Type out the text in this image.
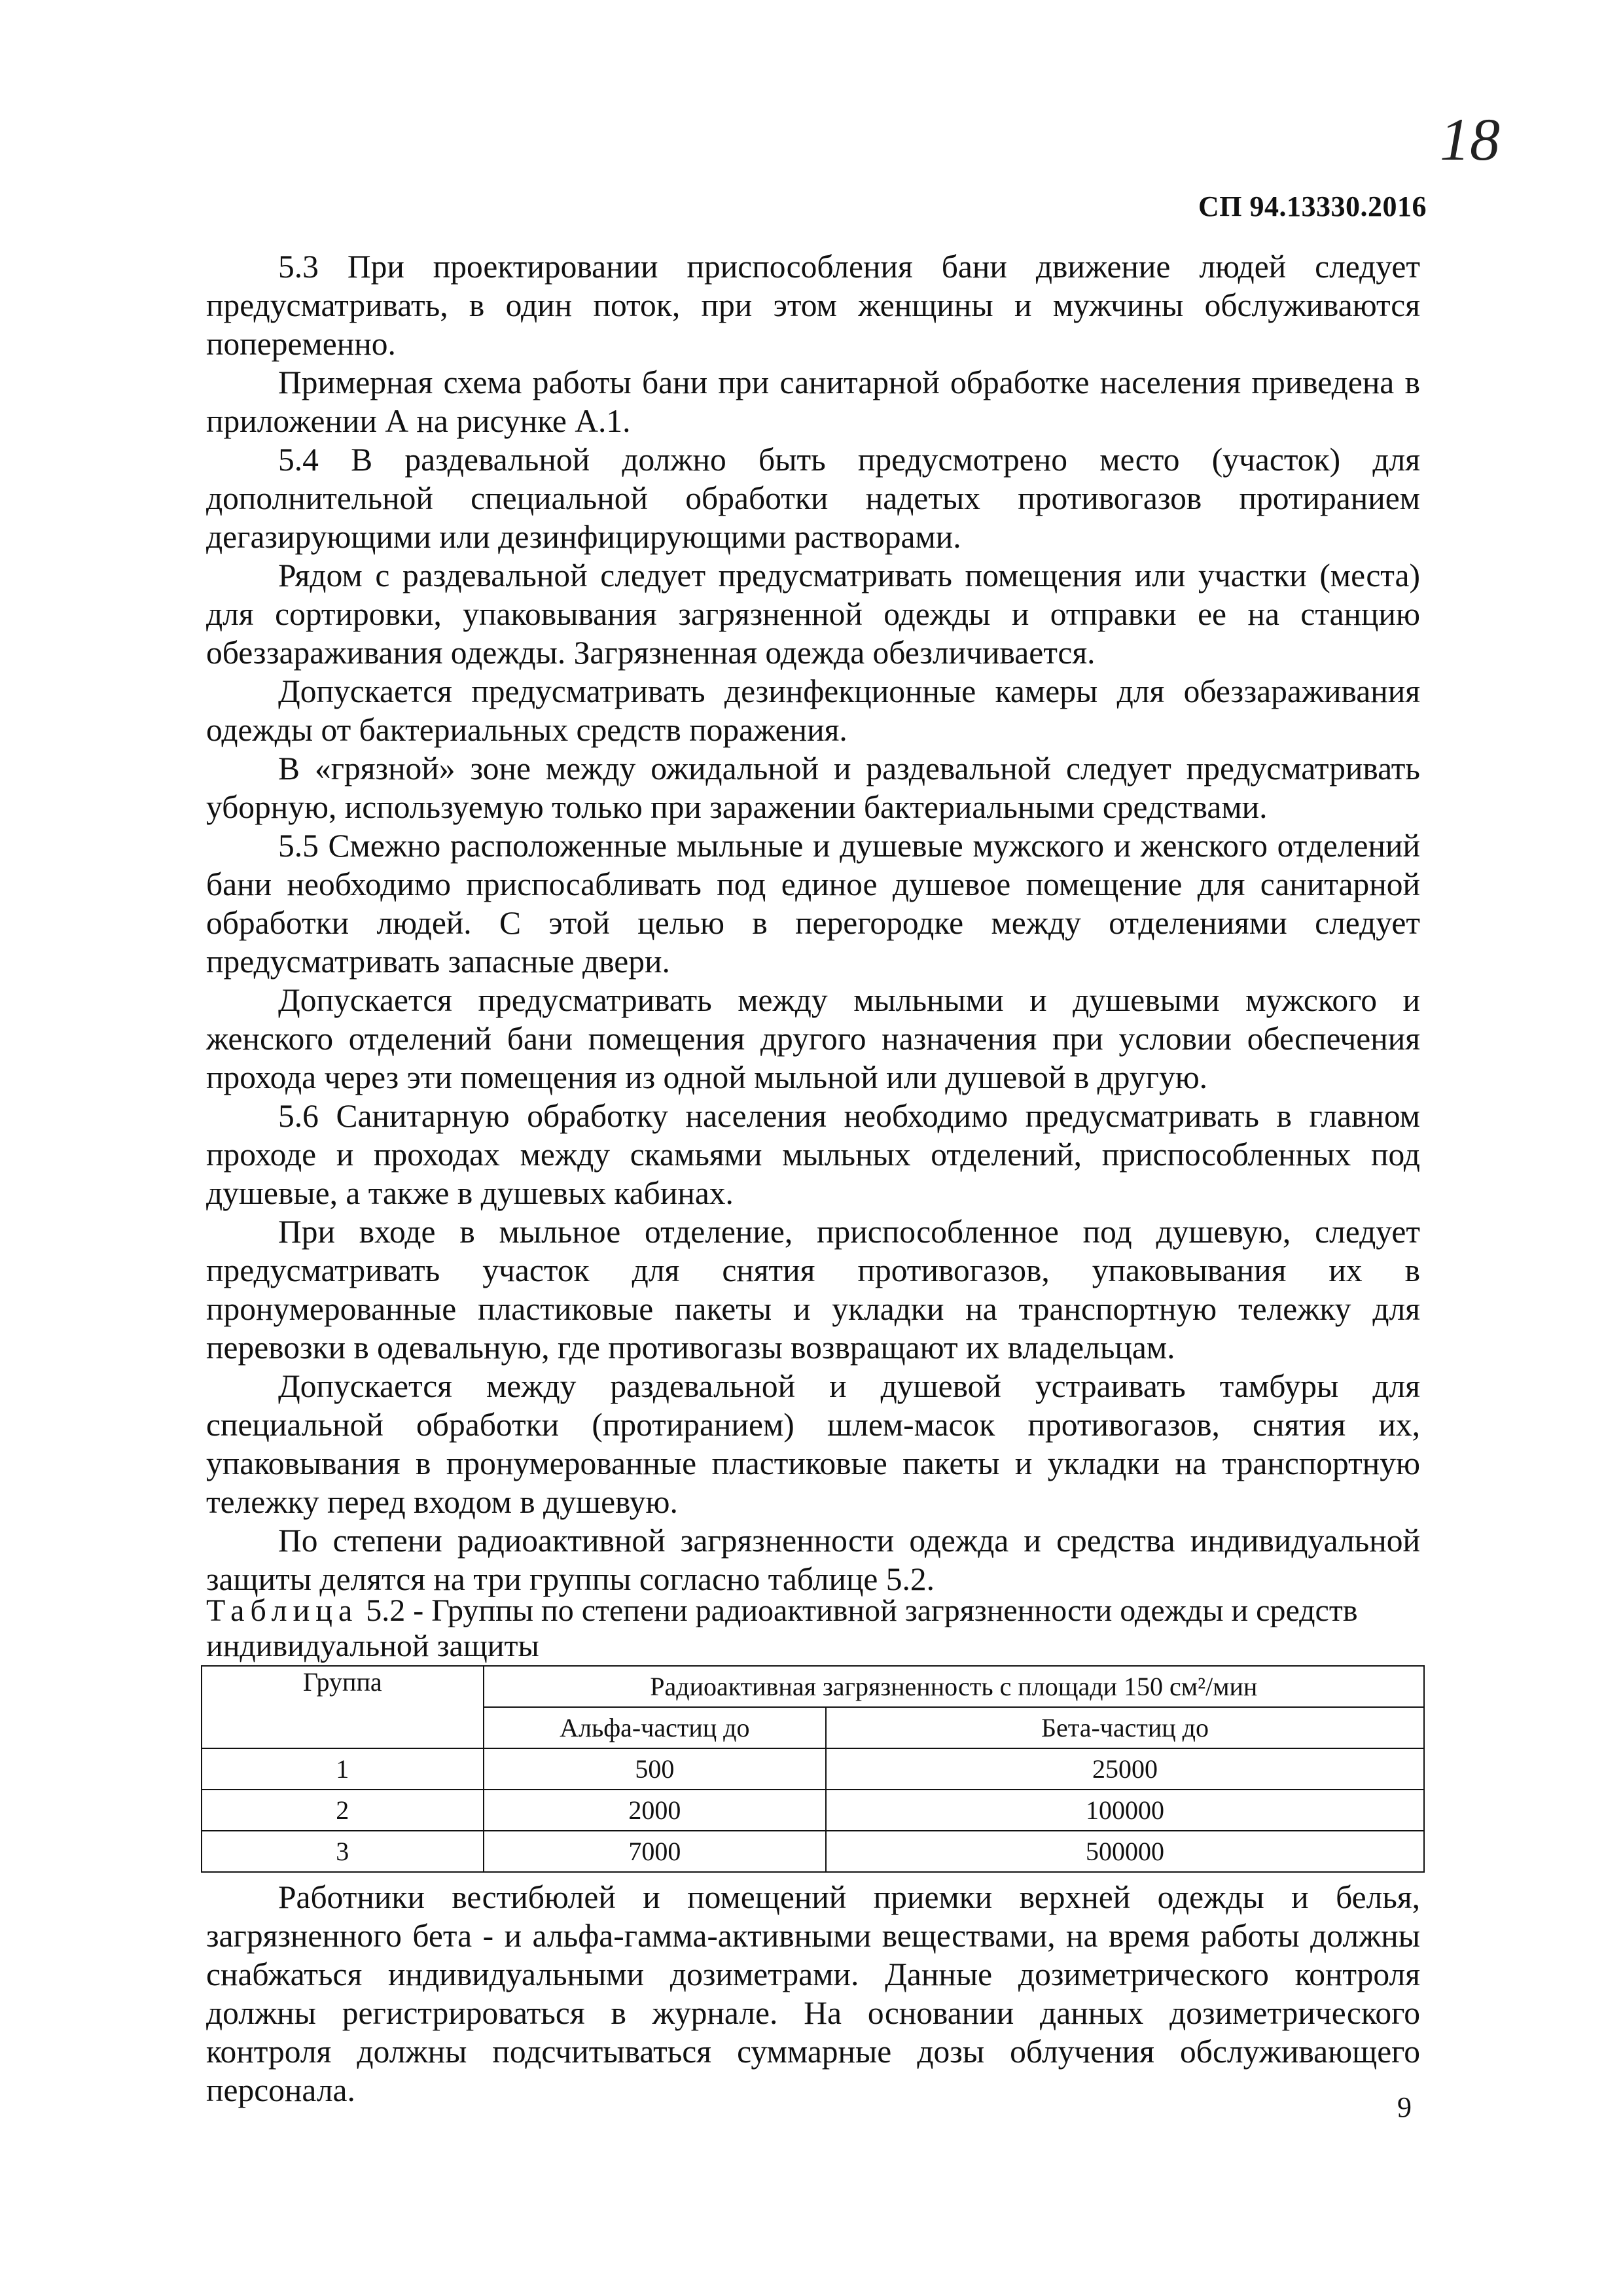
18
СП 94.13330.2016

5.3 При проектировании приспособления бани движение людей следует предусматривать, в один поток, при этом женщины и мужчины обслуживаются попеременно.

Примерная схема работы бани при санитарной обработке населения приведена в приложении А на рисунке А.1.

5.4 В раздевальной должно быть предусмотрено место (участок) для дополнительной специальной обработки надетых противогазов протиранием дегазирующими или дезинфицирующими растворами.

Рядом с раздевальной следует предусматривать помещения или участки (места) для сортировки, упаковывания загрязненной одежды и отправки ее на станцию обеззараживания одежды. Загрязненная одежда обезличивается.

Допускается предусматривать дезинфекционные камеры для обеззараживания одежды от бактериальных средств поражения.

В «грязной» зоне между ожидальной и раздевальной следует предусматривать уборную, используемую только при заражении бактериальными средствами.

5.5 Смежно расположенные мыльные и душевые мужского и женского отделений бани необходимо приспосабливать под единое душевое помещение для санитарной обработки людей. С этой целью в перегородке между отделениями следует предусматривать запасные двери.

Допускается предусматривать между мыльными и душевыми мужского и женского отделений бани помещения другого назначения при условии обеспечения прохода через эти помещения из одной мыльной или душевой в другую.

5.6 Санитарную обработку населения необходимо предусматривать в главном проходе и проходах между скамьями мыльных отделений, приспособленных под душевые, а также в душевых кабинах.

При входе в мыльное отделение, приспособленное под душевую, следует предусматривать участок для снятия противогазов, упаковывания их в пронумерованные пластиковые пакеты и укладки на транспортную тележку для перевозки в одевальную, где противогазы возвращают их владельцам.

Допускается между раздевальной и душевой устраивать тамбуры для специальной обработки (протиранием) шлем-масок противогазов, снятия их, упаковывания в пронумерованные пластиковые пакеты и укладки на транспортную тележку перед входом в душевую.

По степени радиоактивной загрязненности одежда и средства индивидуальной защиты делятся на три группы согласно таблице 5.2.

Таблица 5.2 - Группы по степени радиоактивной загрязненности одежды и средств индивидуальной защиты
Группа	Радиоактивная загрязненность с площади 150 см²/мин	
	Альфа-частиц до	Бета-частиц до
1	500	25000
2	2000	100000
3	7000	500000

Работники вестибюлей и помещений приемки верхней одежды и белья, загрязненного бета - и альфа-гамма-активными веществами, на время работы должны снабжаться индивидуальными дозиметрами. Данные дозиметрического контроля должны регистрироваться в журнале. На основании данных дозиметрического контроля должны подсчитываться суммарные дозы облучения обслуживающего персонала.	9
